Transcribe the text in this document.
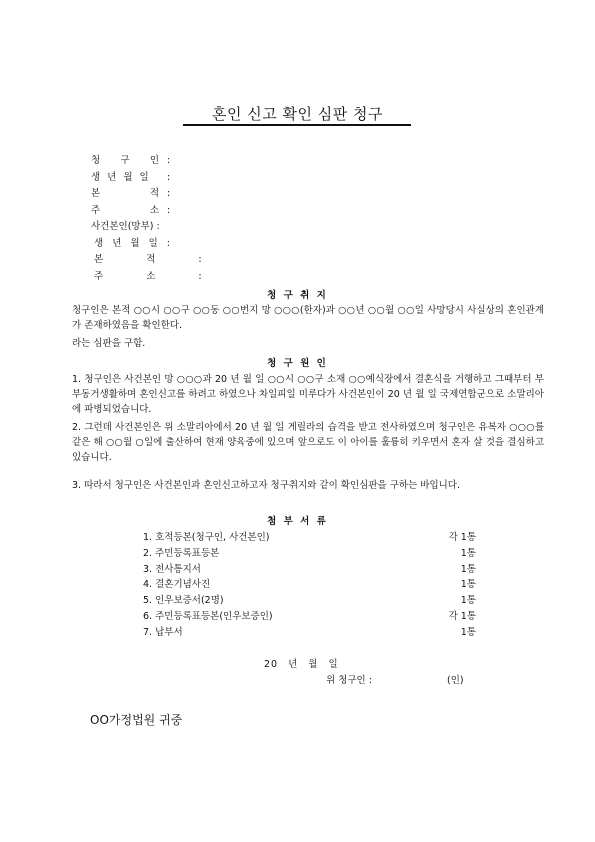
혼인 신고 확인 심판 청구
청 구 인 :
생년월일 :
본	적 :
주	소 :
사건본인(망부) :
생 년 월 일 :
본 적 :
주 소 :
청 구 취 지
청구인은 본적 ○○시 ○○구 ○○동 ○○번지 망 ○○○(한자)과 ○○년 ○○월 ○○일 사망당시 사실상의 혼인관계가 존재하였음을 확인한다.
라는 심판을 구함.
청 구 원 인
1. 청구인은 사건본인 망 ○○○과 20 년 월 일 ○○시 ○○구 소재 ○○예식장에서 결혼식을 거행하고 그때부터 부부동거생활하며 혼인신고를 하려고 하였으나 차일피일 미루다가 사건본인이 20 년 월 일 국제연합군으로 소말리아에 파병되었습니다.
2. 그런데 사건본인은 위 소말리아에서 20 년 월 일 게릴라의 습격을 받고 전사하였으며 청구인은 유복자 ○○○를 같은 해 ○○월 ○일에 출산하여 현재 양육중에 있으며 앞으로도 이 아이를 훌륭히 키우면서 혼자 살 것을 결심하고 있습니다.
3. 따라서 청구인은 사건본인과 혼인신고하고자 청구취지와 같이 확인심판을 구하는 바입니다.
첨 부 서 류
1. 호적등본(청구인, 사건본인)	각 1통
2. 주민등록표등본	1통
3. 전사통지서	1통
4. 결혼기념사진	1통
5. 인우보증서(2명)	1통
6. 주민등록표등본(인우보증인)	각 1통
7. 납부서	1통
20 년 월 일
위 청구인 :	(인)
OO가정법원 귀중
